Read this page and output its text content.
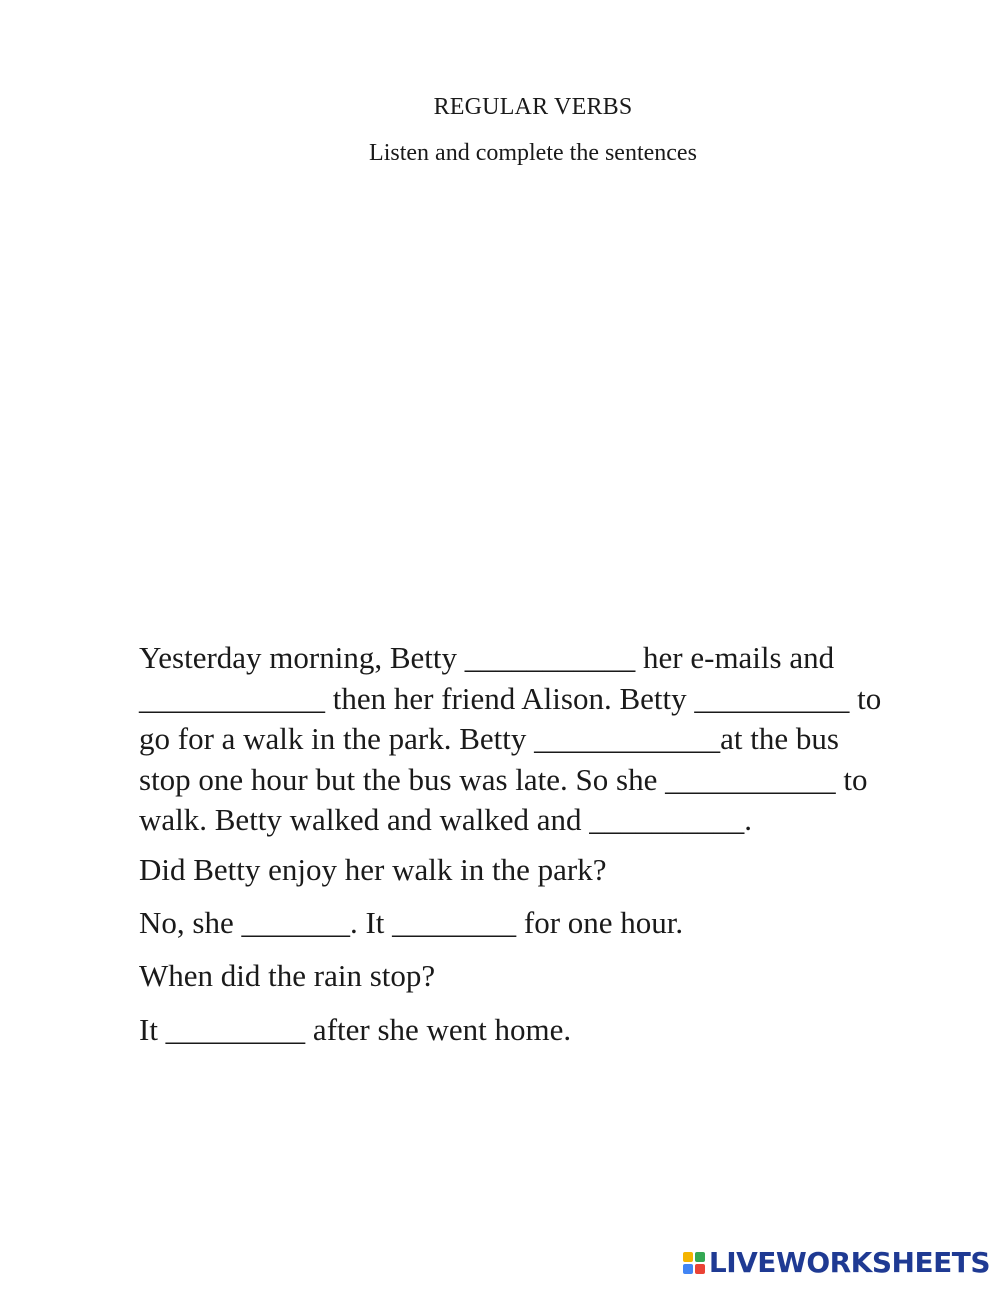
REGULAR VERBS
Listen and complete the sentences
Yesterday morning, Betty ___________ her e-mails and
____________ then her friend Alison. Betty __________ to
go for a walk in the park. Betty ____________at the bus
stop one hour but the bus was late. So she ___________ to
walk. Betty walked and walked and __________.
Did Betty enjoy her walk in the park?
No, she _______. It ________ for one hour.
When did the rain stop?
It _________ after she went home.
LIVEWORKSHEETS
